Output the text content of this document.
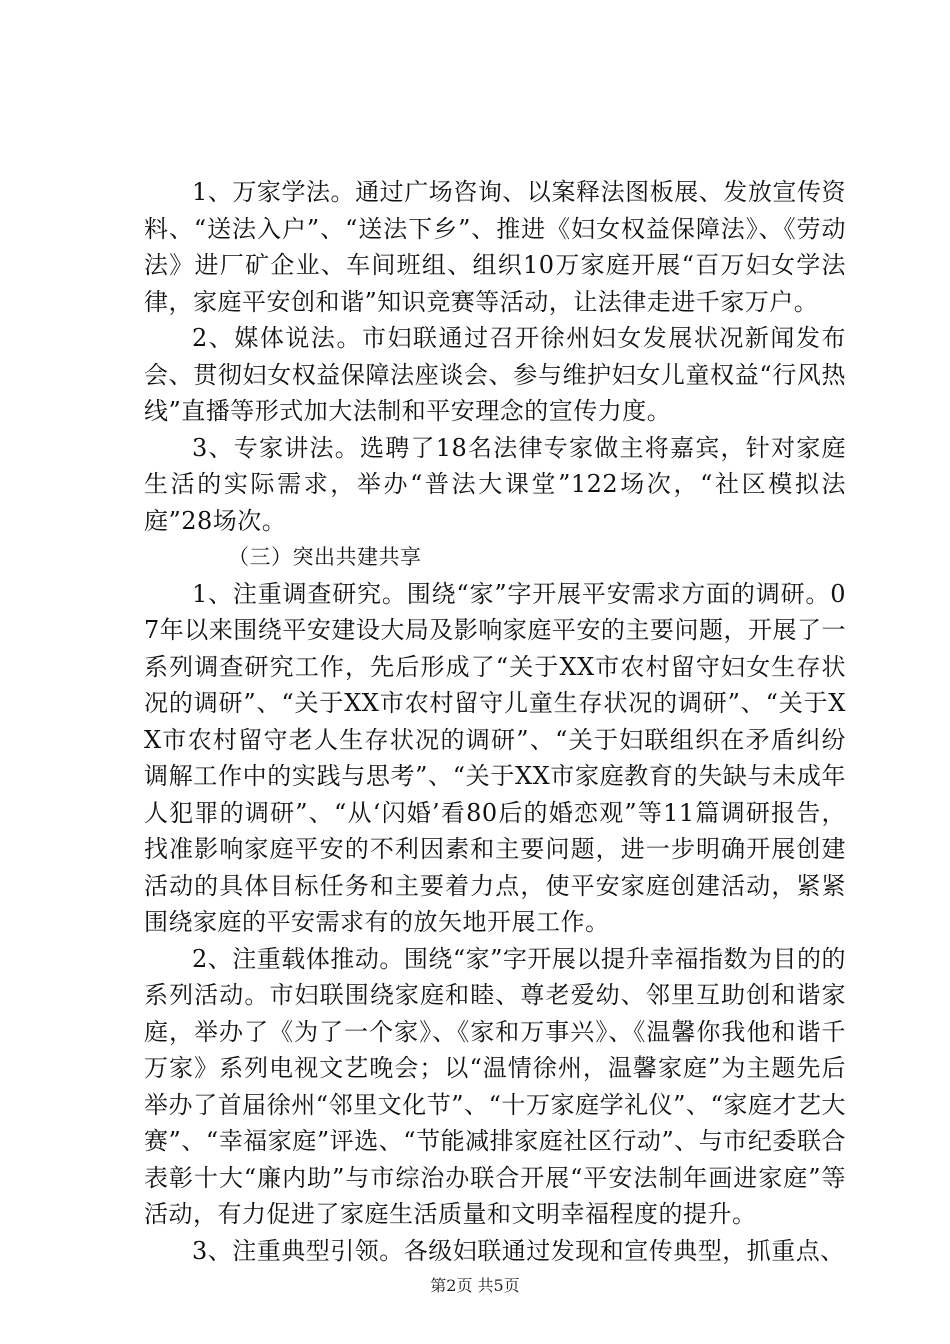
1、万家学法。通过广场咨询、以案释法图板展、发放宣传资料、“送法入户”、“送法下乡”、推进《妇女权益保障法》、《劳动法》进厂矿企业、车间班组、组织10万家庭开展“百万妇女学法律，家庭平安创和谐”知识竞赛等活动，让法律走进千家万户。

2、媒体说法。市妇联通过召开徐州妇女发展状况新闻发布会、贯彻妇女权益保障法座谈会、参与维护妇女儿童权益“行风热线”直播等形式加大法制和平安理念的宣传力度。

3、专家讲法。选聘了18名法律专家做主将嘉宾，针对家庭生活的实际需求，举办“普法大课堂”122场次，“社区模拟法庭”28场次。

（三）突出共建共享

1、注重调查研究。围绕“家”字开展平安需求方面的调研。07年以来围绕平安建设大局及影响家庭平安的主要问题，开展了一系列调查研究工作，先后形成了“关于XX市农村留守妇女生存状况的调研”、“关于XX市农村留守儿童生存状况的调研”、“关于XX市农村留守老人生存状况的调研”、“关于妇联组织在矛盾纠纷调解工作中的实践与思考”、“关于XX市家庭教育的失缺与未成年人犯罪的调研”、“从‘闪婚’看80后的婚恋观”等11篇调研报告，找准影响家庭平安的不利因素和主要问题，进一步明确开展创建活动的具体目标任务和主要着力点，使平安家庭创建活动，紧紧围绕家庭的平安需求有的放矢地开展工作。

2、注重载体推动。围绕“家”字开展以提升幸福指数为目的的系列活动。市妇联围绕家庭和睦、尊老爱幼、邻里互助创和谐家庭，举办了《为了一个家》、《家和万事兴》、《温馨你我他和谐千万家》系列电视文艺晚会；以“温情徐州，温馨家庭”为主题先后举办了首届徐州“邻里文化节”、“十万家庭学礼仪”、“家庭才艺大赛”、“幸福家庭”评选、“节能减排家庭社区行动”、与市纪委联合表彰十大“廉内助”与市综治办联合开展“平安法制年画进家庭”等活动，有力促进了家庭生活质量和文明幸福程度的提升。

3、注重典型引领。各级妇联通过发现和宣传典型，抓重点、

第2页 共5页
